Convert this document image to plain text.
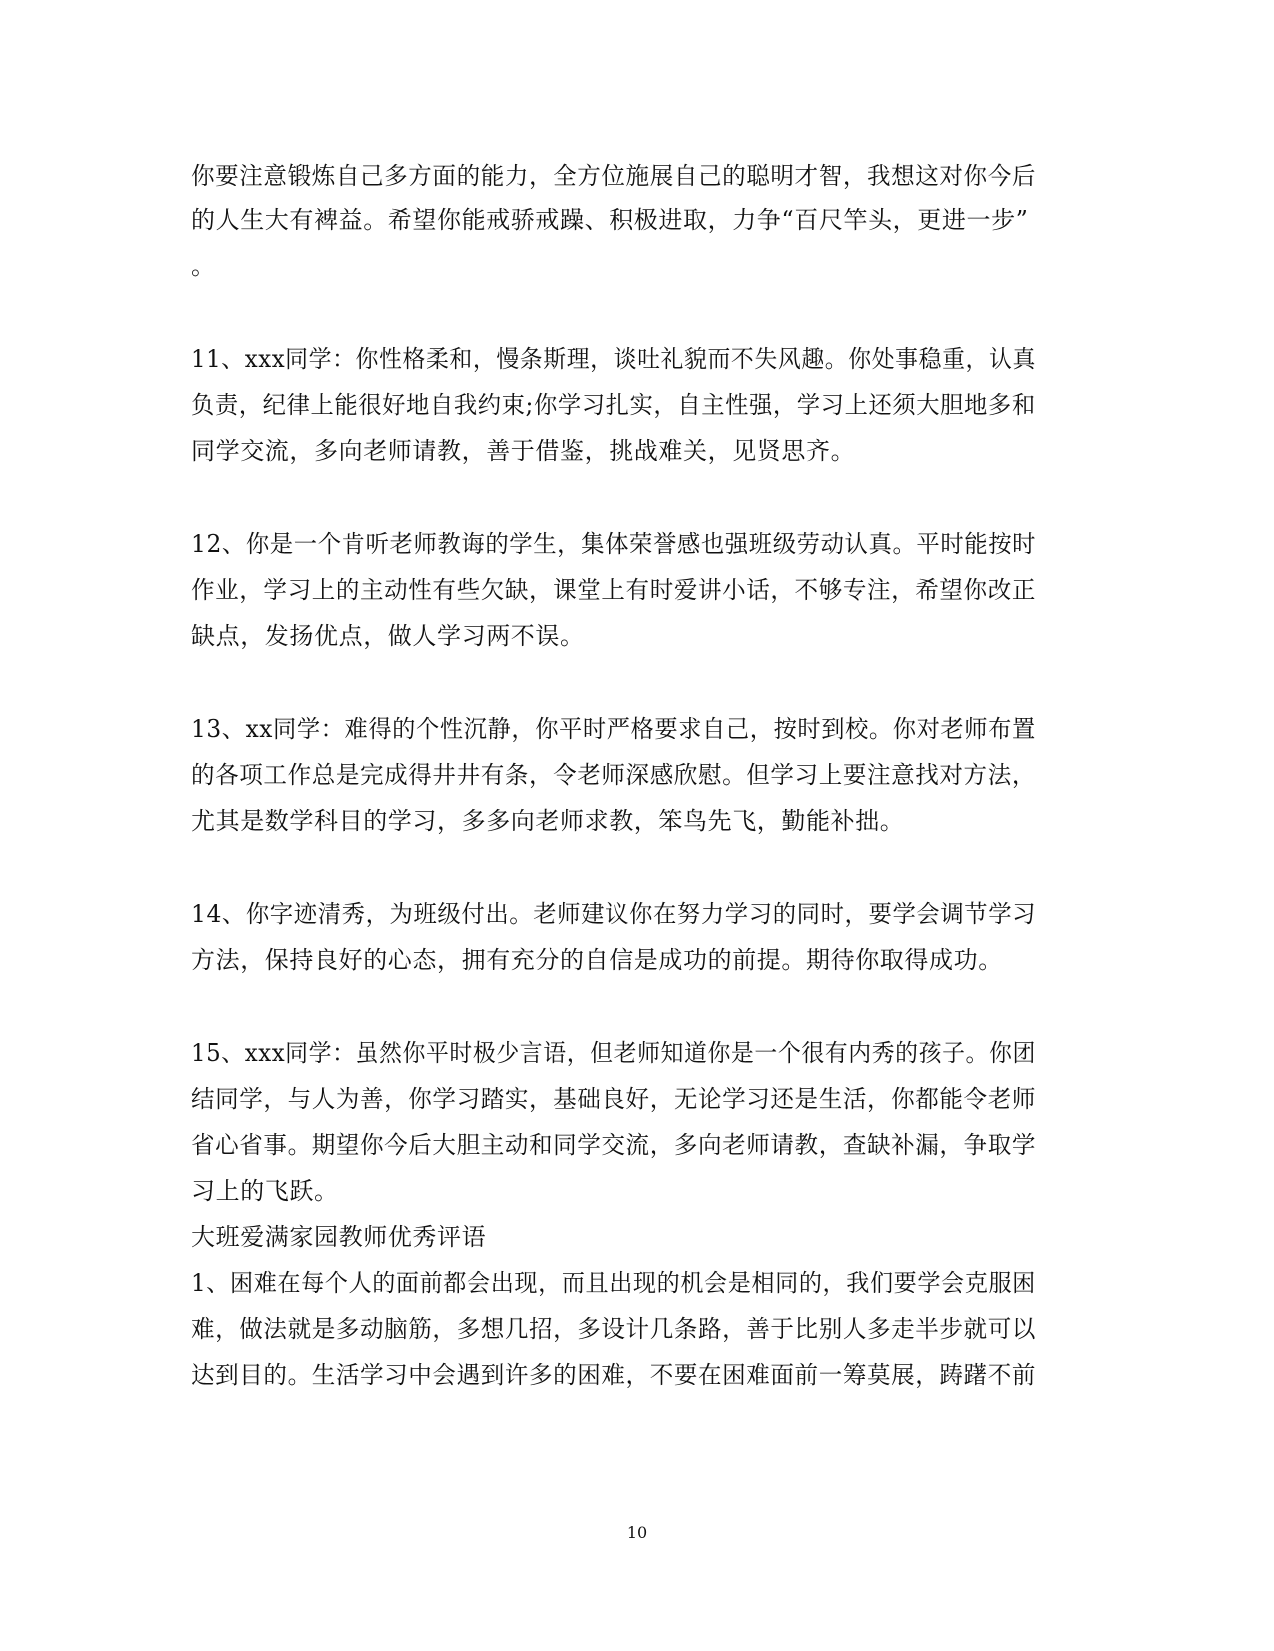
你要注意锻炼自己多方面的能力，全方位施展自己的聪明才智，我想这对你今后
的人生大有裨益。希望你能戒骄戒躁、积极进取，力争“百尺竿头，更进一步”
。
11、xxx同学：你性格柔和，慢条斯理，谈吐礼貌而不失风趣。你处事稳重，认真
负责，纪律上能很好地自我约束;你学习扎实，自主性强，学习上还须大胆地多和
同学交流，多向老师请教，善于借鉴，挑战难关，见贤思齐。
12、你是一个肯听老师教诲的学生，集体荣誉感也强班级劳动认真。平时能按时
作业，学习上的主动性有些欠缺，课堂上有时爱讲小话，不够专注，希望你改正
缺点，发扬优点，做人学习两不误。
13、xx同学：难得的个性沉静，你平时严格要求自己，按时到校。你对老师布置
的各项工作总是完成得井井有条，令老师深感欣慰。但学习上要注意找对方法，
尤其是数学科目的学习，多多向老师求教，笨鸟先飞，勤能补拙。
14、你字迹清秀，为班级付出。老师建议你在努力学习的同时，要学会调节学习
方法，保持良好的心态，拥有充分的自信是成功的前提。期待你取得成功。
15、xxx同学：虽然你平时极少言语，但老师知道你是一个很有内秀的孩子。你团
结同学，与人为善，你学习踏实，基础良好，无论学习还是生活，你都能令老师
省心省事。期望你今后大胆主动和同学交流，多向老师请教，查缺补漏，争取学
习上的飞跃。
大班爱满家园教师优秀评语
1、困难在每个人的面前都会出现，而且出现的机会是相同的，我们要学会克服困
难，做法就是多动脑筋，多想几招，多设计几条路，善于比别人多走半步就可以
达到目的。生活学习中会遇到许多的困难，不要在困难面前一筹莫展，踌躇不前
10
